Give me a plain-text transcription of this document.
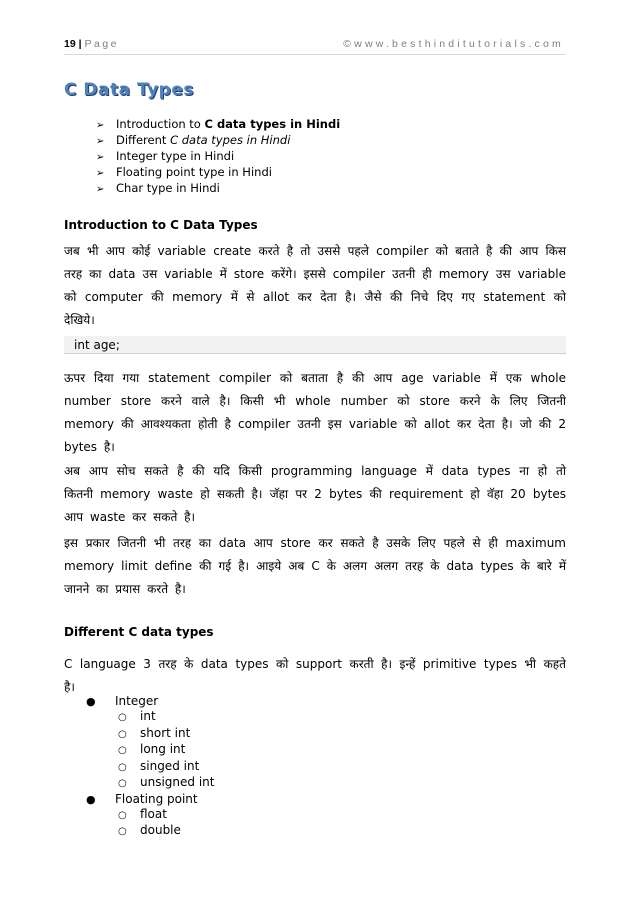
19 | Page	©www.besthinditutorials.com
C Data Types
➢ Introduction to C data types in Hindi
➢ Different C data types in Hindi
➢ Integer type in Hindi
➢ Floating point type in Hindi
➢ Char type in Hindi
Introduction to C Data Types
जब भी आप कोई variable create करते है तो उससे पहले compiler को बताते है की आप किस तरह का data उस variable में store करेंगे। इससे compiler उतनी ही memory उस variable को computer की memory में से allot कर देता है। जैसे की निचे दिए गए statement को देखिये।
int age;
ऊपर दिया गया statement compiler को बताता है की आप age variable में एक whole number store करने वाले है। किसी भी whole number को store करने के लिए जितनी memory की आवश्यकता होती है compiler उतनी इस variable को allot कर देता है। जो की 2 bytes है।
अब आप सोच सकते है की यदि किसी programming language में data types ना हो तो कितनी memory waste हो सकती है। जॅहा पर 2 bytes की requirement हो वॅहा 20 bytes आप waste कर सकते है।
इस प्रकार जितनी भी तरह का data आप store कर सकते है उसके लिए पहले से ही maximum memory limit define की गई है। आइये अब C के अलग अलग तरह के data types के बारे में जानने का प्रयास करते है।
Different C data types
C language 3 तरह के data types को support करती है। इन्हें primitive types भी कहते है।
● Integer
○ int
○ short int
○ long int
○ singed int
○ unsigned int
● Floating point
○ float
○ double
